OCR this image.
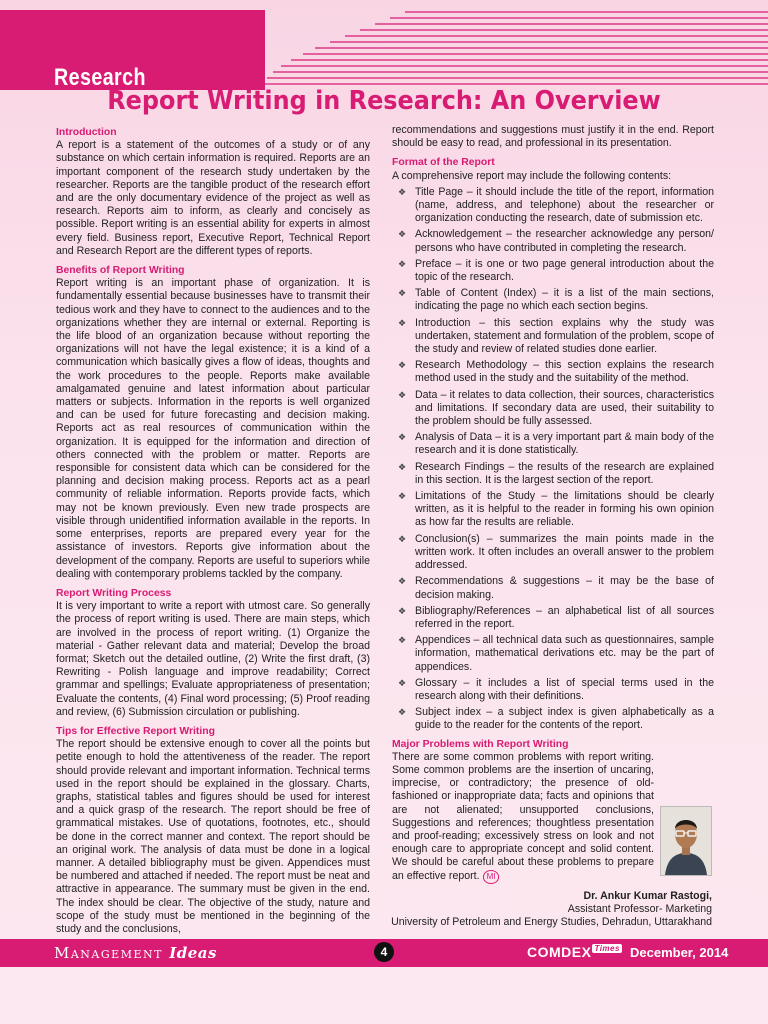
Research
Report Writing in Research: An Overview
Introduction

A report is a statement of the outcomes of a study or of any substance on which certain information is required. Reports are an important component of the research study undertaken by the researcher. Reports are the tangible product of the research effort and are the only documentary evidence of the project as well as research. Reports aim to inform, as clearly and concisely as possible. Report writing is an essential ability for experts in almost every field. Business report, Executive Report, Technical Report and Research Report are the different types of reports.

Benefits of Report Writing

Report writing is an important phase of organization. It is fundamentally essential because businesses have to transmit their tedious work and they have to connect to the audiences and to the organizations whether they are internal or external. Reporting is the life blood of an organization because without reporting the organizations will not have the legal existence; it is a kind of a communication which basically gives a flow of ideas, thoughts and the work procedures to the people. Reports make available amalgamated genuine and latest information about particular matters or subjects. Information in the reports is well organized and can be used for future forecasting and decision making. Reports act as real resources of communication within the organization. It is equipped for the information and direction of others connected with the problem or matter. Reports are responsible for consistent data which can be considered for the planning and decision making process. Reports act as a pearl community of reliable information. Reports provide facts, which may not be known previously. Even new trade prospects are visible through unidentified information available in the reports. In some enterprises, reports are prepared every year for the assistance of investors. Reports give information about the development of the company. Reports are useful to superiors while dealing with contemporary problems tackled by the company.

Report Writing Process

It is very important to write a report with utmost care. So generally the process of report writing is used. There are main steps, which are involved in the process of report writing. (1) Organize the material - Gather relevant data and material; Develop the broad format; Sketch out the detailed outline, (2) Write the first draft, (3) Rewriting - Polish language and improve readability; Correct grammar and spellings; Evaluate appropriateness of presentation; Evaluate the contents, (4) Final word processing; (5) Proof reading and review, (6) Submission circulation or publishing.

Tips for Effective Report Writing

The report should be extensive enough to cover all the points but petite enough to hold the attentiveness of the reader. The report should provide relevant and important information. Technical terms used in the report should be explained in the glossary. Charts, graphs, statistical tables and figures should be used for interest and a quick grasp of the research. The report should be free of grammatical mistakes. Use of quotations, footnotes, etc., should be done in the correct manner and context. The report should be an original work. The analysis of data must be done in a logical manner. A detailed bibliography must be given. Appendices must be numbered and attached if needed. The report must be neat and attractive in appearance. The summary must be given in the end. The index should be clear. The objective of the study, nature and scope of the study must be mentioned in the beginning of the study and the conclusions,

recommendations and suggestions must justify it in the end. Report should be easy to read, and professional in its presentation.

Format of the Report

A comprehensive report may include the following contents:

❖ Title Page – it should include the title of the report, information (name, address, and telephone) about the researcher or organization conducting the research, date of submission etc.
❖ Acknowledgement – the researcher acknowledge any person/ persons who have contributed in completing the research.
❖ Preface – it is one or two page general introduction about the topic of the research.
❖ Table of Content (Index) – it is a list of the main sections, indicating the page no which each section begins.
❖ Introduction – this section explains why the study was undertaken, statement and formulation of the problem, scope of the study and review of related studies done earlier.
❖ Research Methodology – this section explains the research method used in the study and the suitability of the method.
❖ Data – it relates to data collection, their sources, characteristics and limitations. If secondary data are used, their suitability to the problem should be fully assessed.
❖ Analysis of Data – it is a very important part & main body of the research and it is done statistically.
❖ Research Findings – the results of the research are explained in this section. It is the largest section of the report.
❖ Limitations of the Study – the limitations should be clearly written, as it is helpful to the reader in forming his own opinion as how far the results are reliable.
❖ Conclusion(s) – summarizes the main points made in the written work. It often includes an overall answer to the problem addressed.
❖ Recommendations & suggestions – it may be the base of decision making.
❖ Bibliography/References – an alphabetical list of all sources referred in the report.
❖ Appendices – all technical data such as questionnaires, sample information, mathematical derivations etc. may be the part of appendices.
❖ Glossary – it includes a list of special terms used in the research along with their definitions.
❖ Subject index – a subject index is given alphabetically as a guide to the reader for the contents of the report.
Major Problems with Report Writing

There are some common problems with report writing. Some common problems are the insertion of uncaring, imprecise, or contradictory; the presence of old-fashioned or inappropriate data; facts and opinions that are not alienated; unsupported conclusions, Suggestions and references; thoughtless presentation and proof-reading; excessively stress on look and not enough care to appropriate concept and solid content. We should be careful about these problems to prepare an effective report. MI

Dr. Ankur Kumar Rastogi,
Assistant Professor- Marketing
University of Petroleum and Energy Studies, Dehradun, Uttarakhand
Management Ideas	4	COMDEX Times December, 2014
